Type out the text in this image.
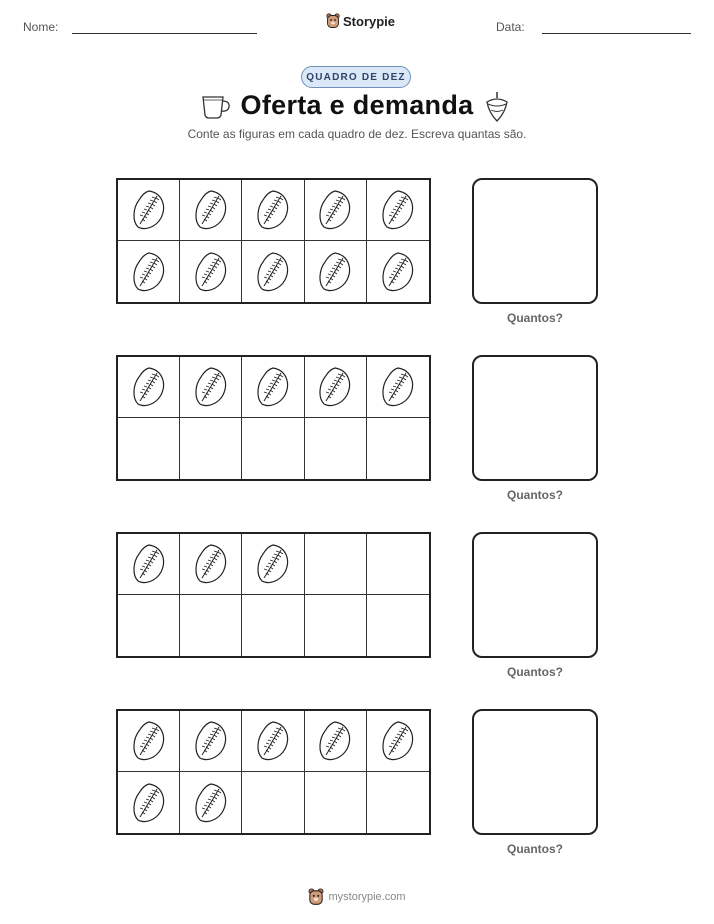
Nome:	Storypie	Data:
QUADRO DE DEZ
Oferta e demanda
Conte as figuras em cada quadro de dez. Escreva quantas são.
Quantos?
Quantos?
Quantos?
Quantos?
mystorypie.com
